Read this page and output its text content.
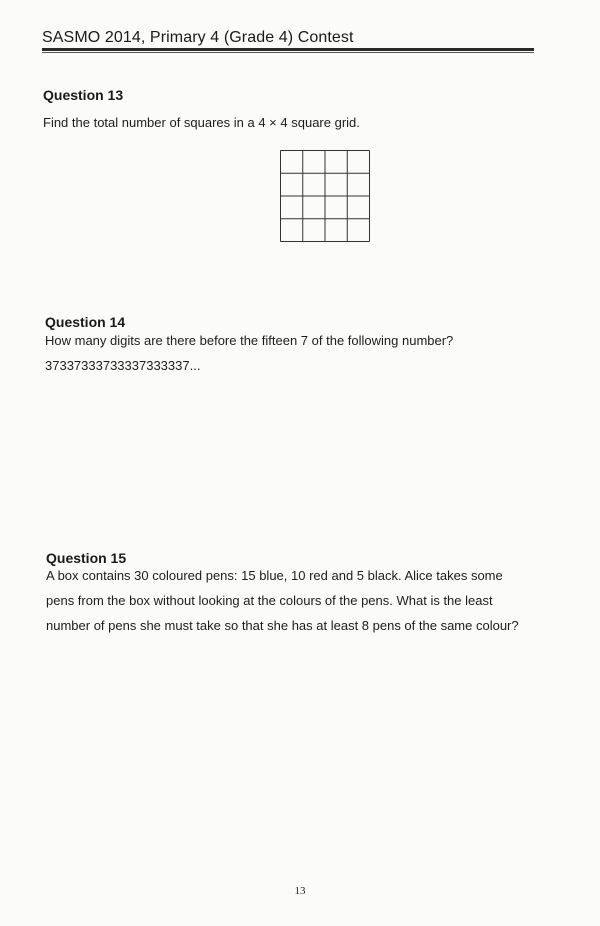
SASMO 2014, Primary 4 (Grade 4) Contest
Question 13
Find the total number of squares in a 4 × 4 square grid.
Question 14
How many digits are there before the fifteen 7 of the following number?
37337333733337333337...
Question 15
A box contains 30 coloured pens: 15 blue, 10 red and 5 black. Alice takes some
pens from the box without looking at the colours of the pens. What is the least
number of pens she must take so that she has at least 8 pens of the same colour?
13
